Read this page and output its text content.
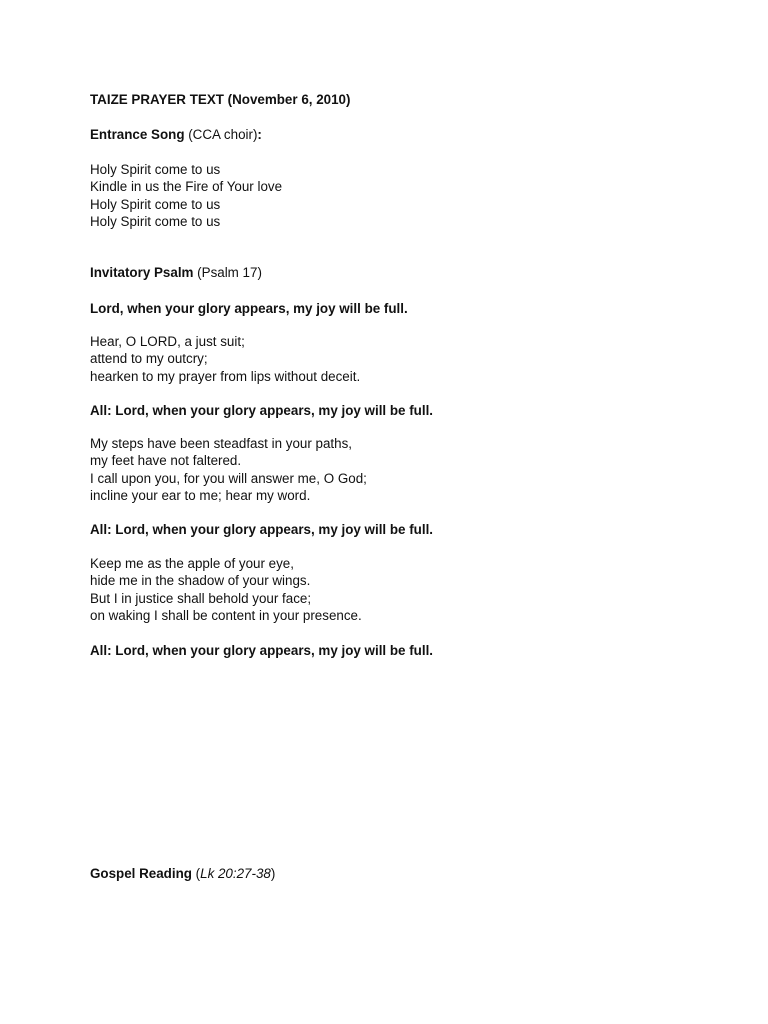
TAIZE PRAYER TEXT (November 6, 2010)
Entrance Song (CCA choir):
Holy Spirit come to us
Kindle in us the Fire of Your love
Holy Spirit come to us
Holy Spirit come to us
Invitatory Psalm (Psalm 17)
Lord, when your glory appears, my joy will be full.
Hear, O LORD, a just suit;
attend to my outcry;
hearken to my prayer from lips without deceit.
All: Lord, when your glory appears, my joy will be full.
My steps have been steadfast in your paths,
my feet have not faltered.
I call upon you, for you will answer me, O God;
incline your ear to me; hear my word.
All: Lord, when your glory appears, my joy will be full.
Keep me as the apple of your eye,
hide me in the shadow of your wings.
But I in justice shall behold your face;
on waking I shall be content in your presence.
All: Lord, when your glory appears, my joy will be full.
Gospel Reading (Lk 20:27-38)
